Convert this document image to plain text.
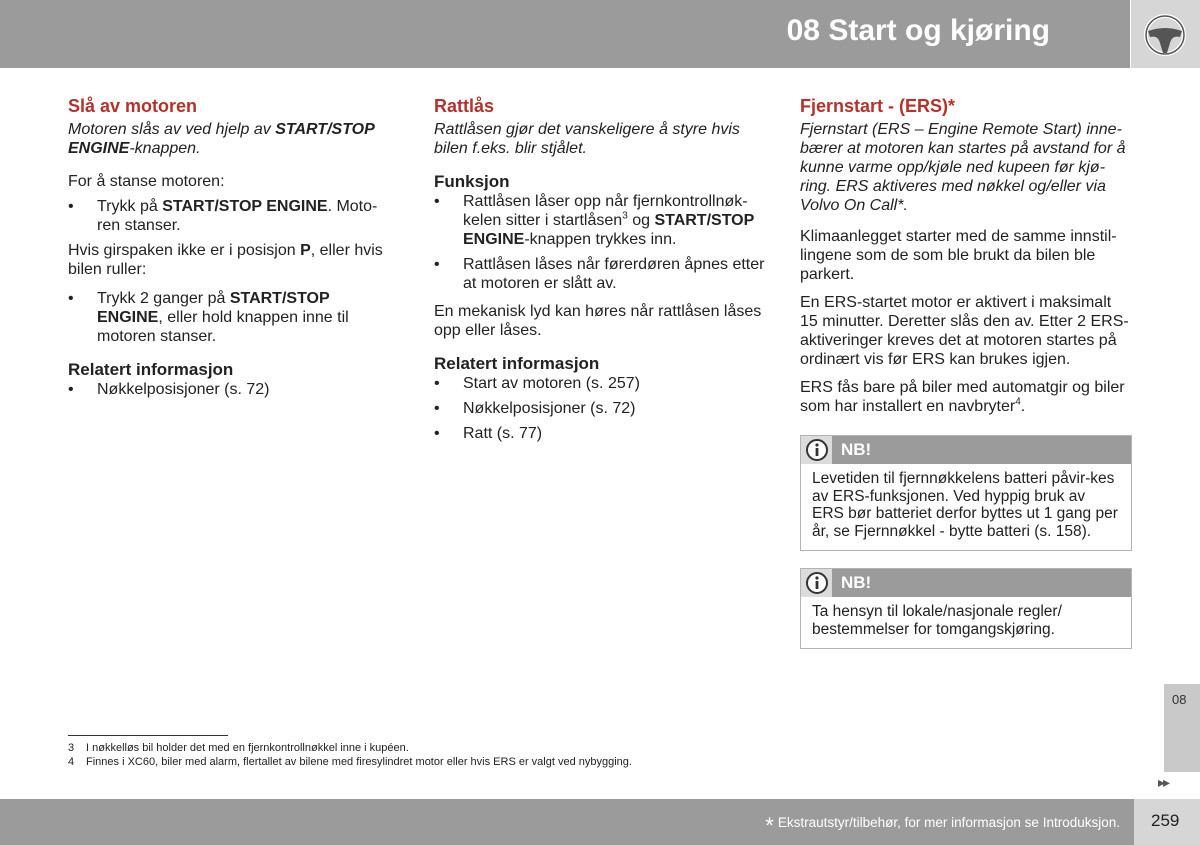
08 Start og kjøring
Slå av motoren

Motoren slås av ved hjelp av START/STOP ENGINE-knappen.

For å stanse motoren:

• Trykk på START/STOP ENGINE. Moto-ren stanser.

Hvis girspaken ikke er i posisjon P, eller hvis bilen ruller:

• Trykk 2 ganger på START/STOP ENGINE, eller hold knappen inne til motoren stanser.
Relatert informasjon
• Nøkkelposisjoner (s. 72)
Rattlås

Rattlåsen gjør det vanskeligere å styre hvis bilen f.eks. blir stjålet.

Funksjon
• Rattlåsen låser opp når fjernkontrollnøk-kelen sitter i startlåsen$^3$ og START/STOP ENGINE-knappen trykkes inn.
• Rattlåsen låses når førerdøren åpnes etter at motoren er slått av.

En mekanisk lyd kan høres når rattlåsen låses opp eller låses.

Relatert informasjon
• Start av motoren (s. 257)
• Nøkkelposisjoner (s. 72)
• Ratt (s. 77)
Fjernstart - (ERS)*

Fjernstart (ERS – Engine Remote Start) inne-bærer at motoren kan startes på avstand for å kunne varme opp/kjøle ned kupeen før kjø-ring. ERS aktiveres med nøkkel og/eller via Volvo On Call*.

Klimaanlegget starter med de samme innstil-lingene som de som ble brukt da bilen ble parkert.

En ERS-startet motor er aktivert i maksimalt 15 minutter. Deretter slås den av. Etter 2 ERS-aktiveringer kreves det at motoren startes på ordinært vis før ERS kan brukes igjen.

ERS fås bare på biler med automatgir og biler som har installert en navbryter$^4$.

NB!
Levetiden til fjernnøkkelens batteri påvir-kes av ERS-funksjonen. Ved hyppig bruk av ERS bør batteriet derfor byttes ut 1 gang per år, se Fjernnøkkel - bytte batteri (s. 158).
NB!
Ta hensyn til lokale/nasjonale regler/ bestemmelser for tomgangskjøring.
08
▸▸
3	I nøkkelløs bil holder det med en fjernkontrollnøkkel inne i kupéen.
4	Finnes i XC60, biler med alarm, flertallet av bilene med firesylindret motor eller hvis ERS er valgt ved nybygging.
* Ekstrautstyr/tilbehør, for mer informasjon se Introduksjon. 259
